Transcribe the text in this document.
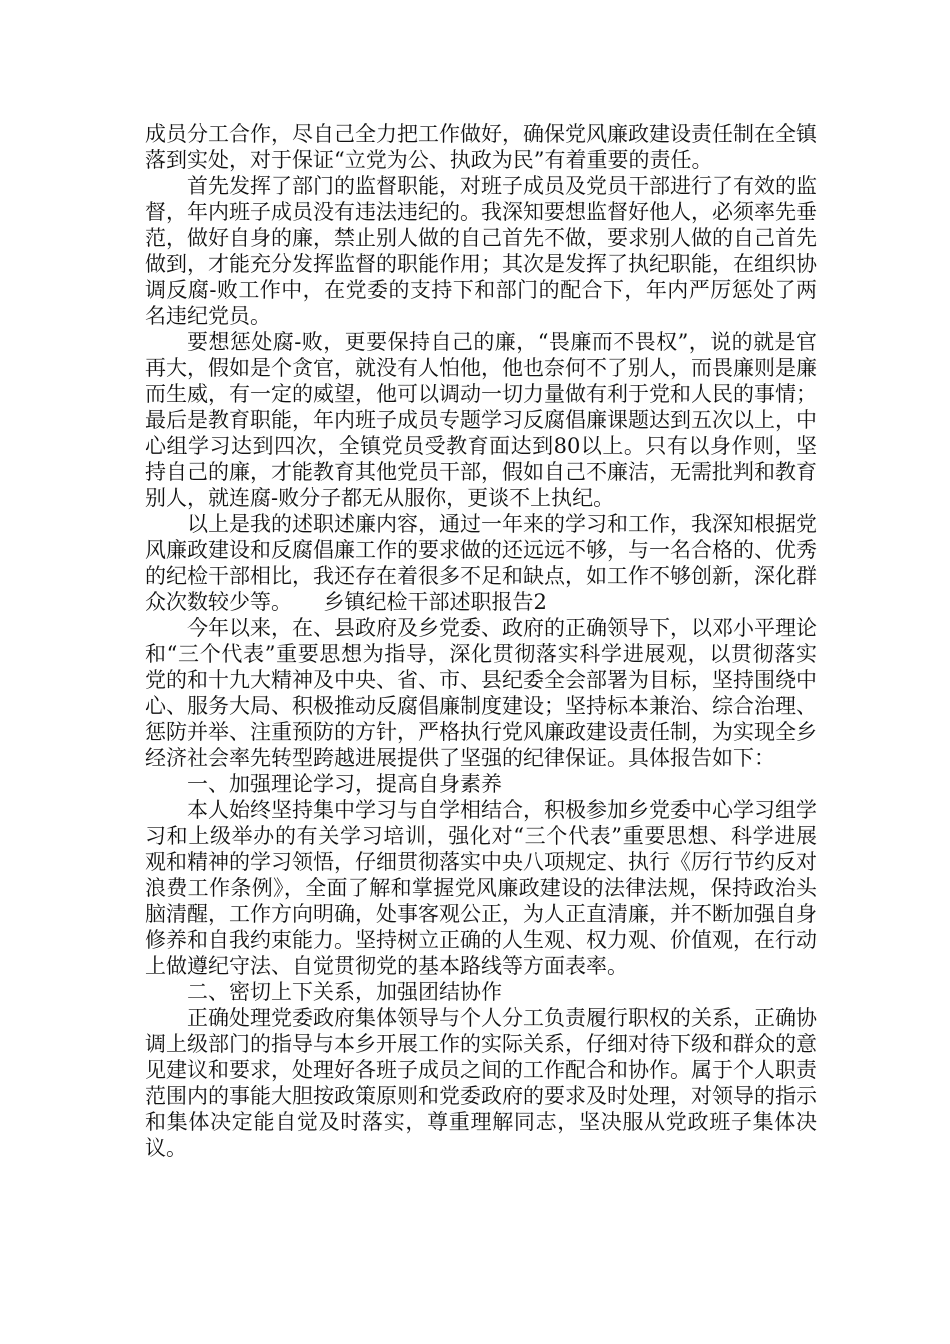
成员分工合作，尽自己全力把工作做好，确保党风廉政建设责任制在全镇落到实处，对于保证“立党为公、执政为民”有着重要的责任。

首先发挥了部门的监督职能，对班子成员及党员干部进行了有效的监督，年内班子成员没有违法违纪的。我深知要想监督好他人，必须率先垂范，做好自身的廉，禁止别人做的自己首先不做，要求别人做的自己首先做到，才能充分发挥监督的职能作用；其次是发挥了执纪职能，在组织协调反腐-败工作中，在党委的支持下和部门的配合下，年内严厉惩处了两名违纪党员。

要想惩处腐-败，更要保持自己的廉，“畏廉而不畏权”，说的就是官再大，假如是个贪官，就没有人怕他，他也奈何不了别人，而畏廉则是廉而生威，有一定的威望，他可以调动一切力量做有利于党和人民的事情；最后是教育职能，年内班子成员专题学习反腐倡廉课题达到五次以上，中心组学习达到四次，全镇党员受教育面达到80以上。只有以身作则，坚持自己的廉，才能教育其他党员干部，假如自己不廉洁，无需批判和教育别人，就连腐-败分子都无从服你，更谈不上执纪。

以上是我的述职述廉内容，通过一年来的学习和工作，我深知根据党风廉政建设和反腐倡廉工作的要求做的还远远不够，与一名合格的、优秀的纪检干部相比，我还存在着很多不足和缺点，如工作不够创新，深化群众次数较少等。　　乡镇纪检干部述职报告2

今年以来，在、县政府及乡党委、政府的正确领导下，以邓小平理论和“三个代表”重要思想为指导，深化贯彻落实科学进展观，以贯彻落实党的和十九大精神及中央、省、市、县纪委全会部署为目标，坚持围绕中心、服务大局、积极推动反腐倡廉制度建设；坚持标本兼治、综合治理、惩防并举、注重预防的方针，严格执行党风廉政建设责任制，为实现全乡经济社会率先转型跨越进展提供了坚强的纪律保证。具体报告如下：

一、加强理论学习，提高自身素养

本人始终坚持集中学习与自学相结合，积极参加乡党委中心学习组学习和上级举办的有关学习培训，强化对“三个代表”重要思想、科学进展观和精神的学习领悟，仔细贯彻落实中央八项规定、执行《厉行节约反对浪费工作条例》，全面了解和掌握党风廉政建设的法律法规，保持政治头脑清醒，工作方向明确，处事客观公正，为人正直清廉，并不断加强自身修养和自我约束能力。坚持树立正确的人生观、权力观、价值观，在行动上做遵纪守法、自觉贯彻党的基本路线等方面表率。

二、密切上下关系，加强团结协作

正确处理党委政府集体领导与个人分工负责履行职权的关系，正确协调上级部门的指导与本乡开展工作的实际关系，仔细对待下级和群众的意见建议和要求，处理好各班子成员之间的工作配合和协作。属于个人职责范围内的事能大胆按政策原则和党委政府的要求及时处理，对领导的指示和集体决定能自觉及时落实，尊重理解同志，坚决服从党政班子集体决议。
